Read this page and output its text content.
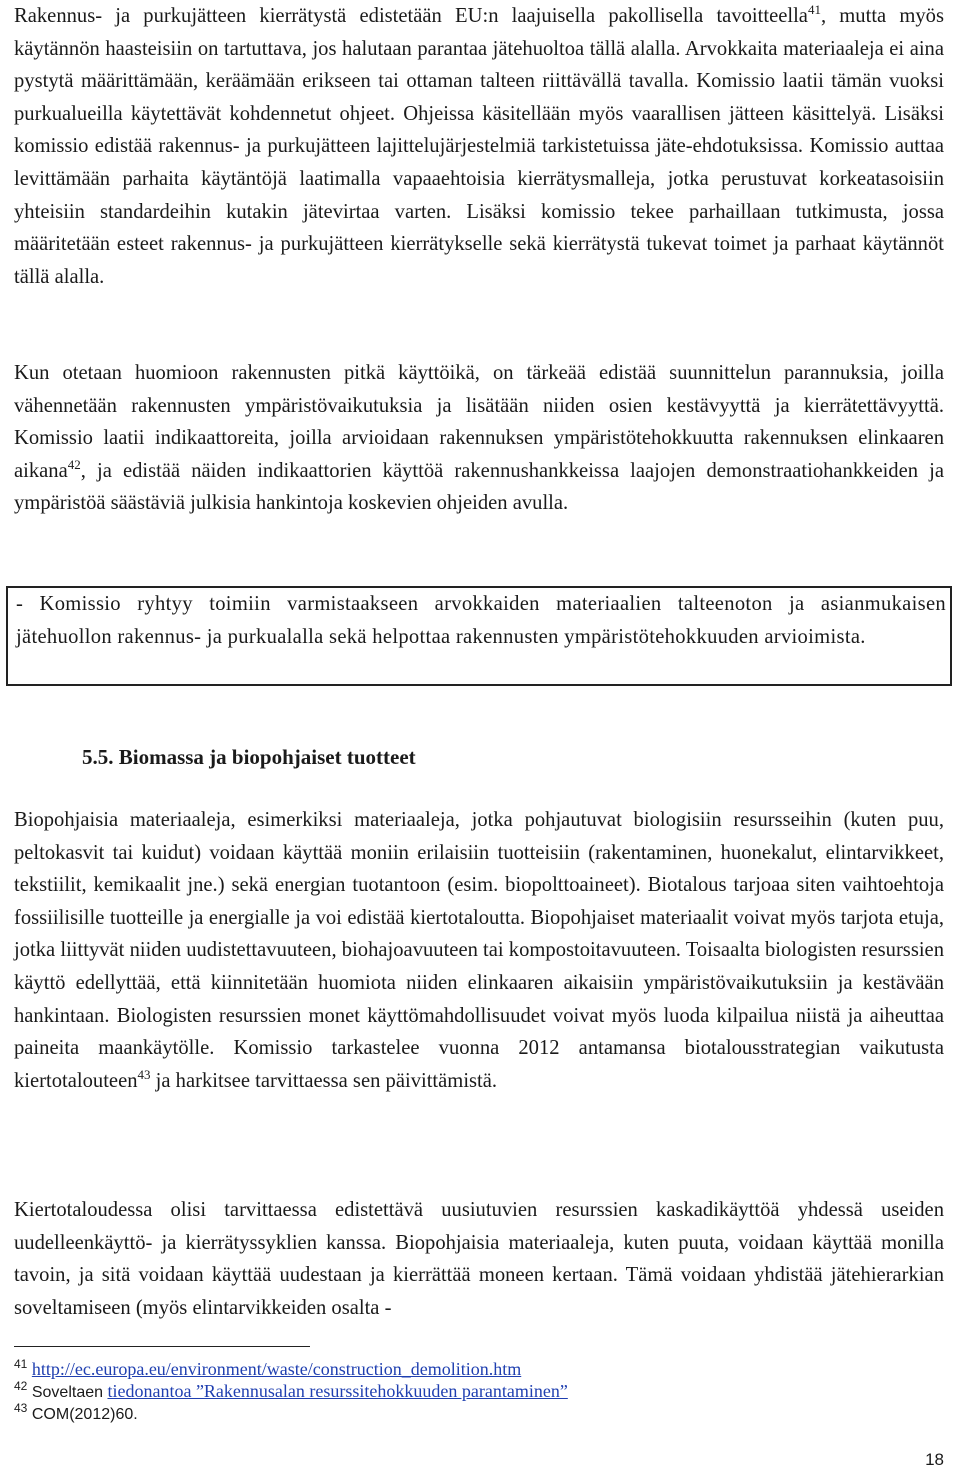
Rakennus- ja purkujätteen kierrätystä edistetään EU:n laajuisella pakollisella tavoitteella$^{41}$, mutta myös käytännön haasteisiin on tartuttava, jos halutaan parantaa jätehuoltoa tällä alalla. Arvokkaita materiaaleja ei aina pystytä määrittämään, keräämään erikseen tai ottaman talteen riittävällä tavalla. Komissio laatii tämän vuoksi purkualueilla käytettävät kohdennetut ohjeet. Ohjeissa käsitellään myös vaarallisen jätteen käsittelyä. Lisäksi komissio edistää rakennus- ja purkujätteen lajittelujärjestelmiä tarkistetuissa jäte-ehdotuksissa. Komissio auttaa levittämään parhaita käytäntöjä laatimalla vapaaehtoisia kierrätysmalleja, jotka perustuvat korkeatasoisiin yhteisiin standardeihin kutakin jätevirtaa varten. Lisäksi komissio tekee parhaillaan tutkimusta, jossa määritetään esteet rakennus- ja purkujätteen kierrätykselle sekä kierrätystä tukevat toimet ja parhaat käytännöt tällä alalla.

Kun otetaan huomioon rakennusten pitkä käyttöikä, on tärkeää edistää suunnittelun parannuksia, joilla vähennetään rakennusten ympäristövaikutuksia ja lisätään niiden osien kestävyyttä ja kierrätettävyyttä. Komissio laatii indikaattoreita, joilla arvioidaan rakennuksen ympäristötehokkuutta rakennuksen elinkaaren aikana$^{42}$, ja edistää näiden indikaattorien käyttöä rakennushankkeissa laajojen demonstraatiohankkeiden ja ympäristöä säästäviä julkisia hankintoja koskevien ohjeiden avulla.

- Komissio ryhtyy toimiin varmistaakseen arvokkaiden materiaalien talteenoton ja asianmukaisen jätehuollon rakennus- ja purkualalla sekä helpottaa rakennusten ympäristötehokkuuden arvioimista.

5.5. Biomassa ja biopohjaiset tuotteet

Biopohjaisia materiaaleja, esimerkiksi materiaaleja, jotka pohjautuvat biologisiin resursseihin (kuten puu, peltokasvit tai kuidut) voidaan käyttää moniin erilaisiin tuotteisiin (rakentaminen, huonekalut, elintarvikkeet, tekstiilit, kemikaalit jne.) sekä energian tuotantoon (esim. biopolttoaineet). Biotalous tarjoaa siten vaihtoehtoja fossiilisille tuotteille ja energialle ja voi edistää kiertotaloutta. Biopohjaiset materiaalit voivat myös tarjota etuja, jotka liittyvät niiden uudistettavuuteen, biohajoavuuteen tai kompostoitavuuteen. Toisaalta biologisten resurssien käyttö edellyttää, että kiinnitetään huomiota niiden elinkaaren aikaisiin ympäristövaikutuksiin ja kestävään hankintaan. Biologisten resurssien monet käyttömahdollisuudet voivat myös luoda kilpailua niistä ja aiheuttaa paineita maankäytölle. Komissio tarkastelee vuonna 2012 antamansa biotalousstrategian vaikutusta kiertotalouteen$^{43}$ ja harkitsee tarvittaessa sen päivittämistä.

Kiertotaloudessa olisi tarvittaessa edistettävä uusiutuvien resurssien kaskadikäyttöä yhdessä useiden uudelleenkäyttö- ja kierrätyssyklien kanssa. Biopohjaisia materiaaleja, kuten puuta, voidaan käyttää monilla tavoin, ja sitä voidaan käyttää uudestaan ja kierrättää moneen kertaan. Tämä voidaan yhdistää jätehierarkian soveltamiseen (myös elintarvikkeiden osalta -

$^{41}$ http://ec.europa.eu/environment/waste/construction_demolition.htm
$^{42}$ Soveltaen tiedonantoa ”Rakennusalan resurssitehokkuuden parantaminen”
$^{43}$ COM(2012)60.

18
